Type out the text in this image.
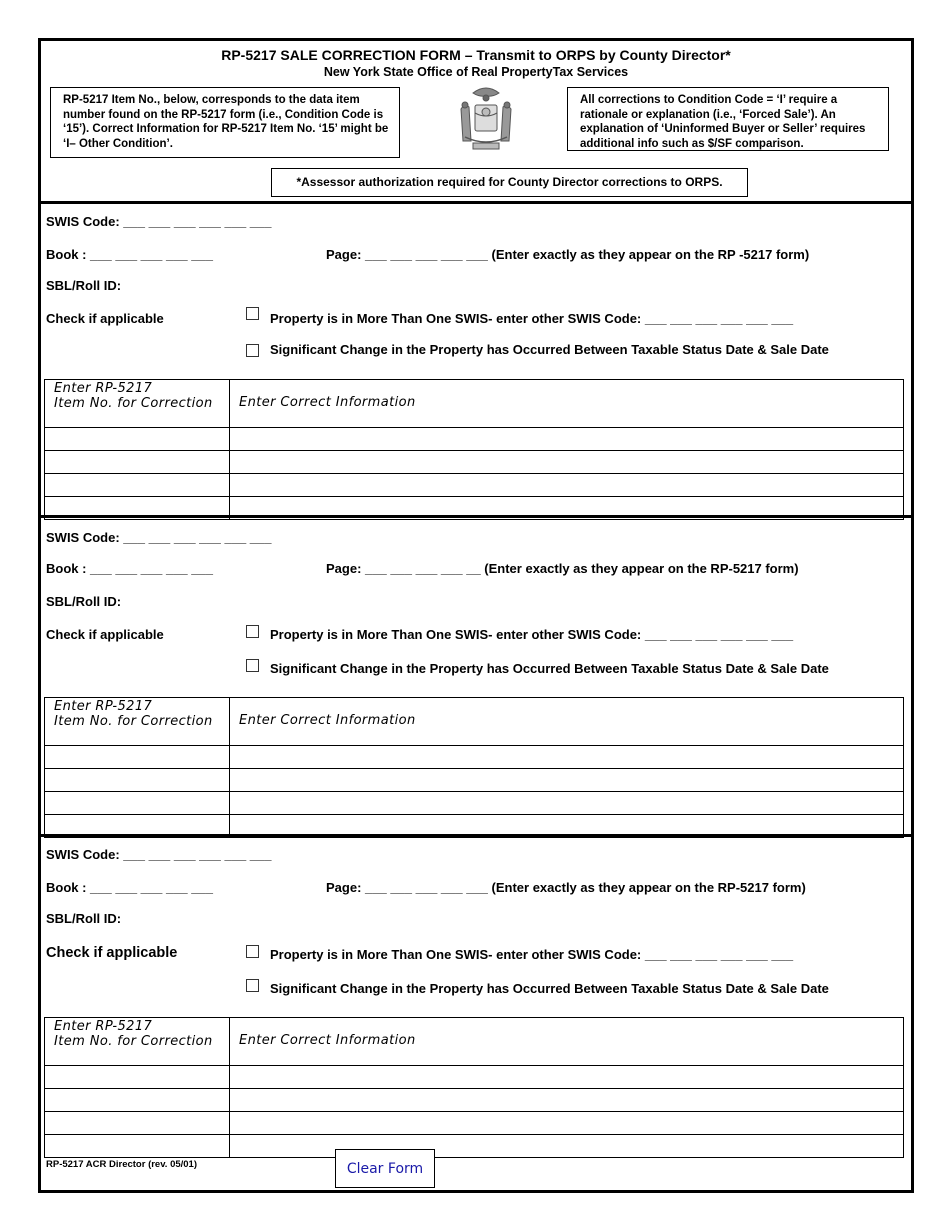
RP-5217 SALE CORRECTION FORM – Transmit to ORPS by County Director*
New York State Office of Real PropertyTax Services
RP-5217 Item No., below, corresponds to the data item number found on the RP-5217 form (i.e., Condition Code is ‘15’). Correct Information for RP-5217 Item No. ‘15’ might be ‘I– Other Condition’.
All corrections to Condition Code = ‘I’ require a rationale or explanation (i.e., ‘Forced Sale’). An explanation of ‘Uninformed Buyer or Seller’ requires additional info such as $/SF comparison.
*Assessor authorization required for County Director corrections to ORPS.
SWIS Code: ___ ___ ___ ___ ___ ___
Book : ___ ___ ___ ___ ___	Page: ___ ___ ___ ___ ___ (Enter exactly as they appear on the RP -5217 form)
SBL/Roll ID:
Check if applicable	Property is in More Than One SWIS- enter other SWIS Code: ___ ___ ___ ___ ___ ___
Significant Change in the Property has Occurred Between Taxable Status Date & Sale Date
Enter RP-5217
Item No. for Correction	Enter Correct Information

SWIS Code: ___ ___ ___ ___ ___ ___
Book : ___ ___ ___ ___ ___	Page: ___ ___ ___ ___ __ (Enter exactly as they appear on the RP-5217 form)
SBL/Roll ID:
Check if applicable	Property is in More Than One SWIS- enter other SWIS Code: ___ ___ ___ ___ ___ ___
Significant Change in the Property has Occurred Between Taxable Status Date & Sale Date
Enter RP-5217
Item No. for Correction	Enter Correct Information

SWIS Code: ___ ___ ___ ___ ___ ___
Book : ___ ___ ___ ___ ___	Page: ___ ___ ___ ___ ___ (Enter exactly as they appear on the RP-5217 form)
SBL/Roll ID:
Check if applicable	Property is in More Than One SWIS- enter other SWIS Code: ___ ___ ___ ___ ___ ___
Significant Change in the Property has Occurred Between Taxable Status Date & Sale Date
Enter RP-5217
Item No. for Correction	Enter Correct Information

RP-5217 ACR Director (rev. 05/01)	Clear Form
